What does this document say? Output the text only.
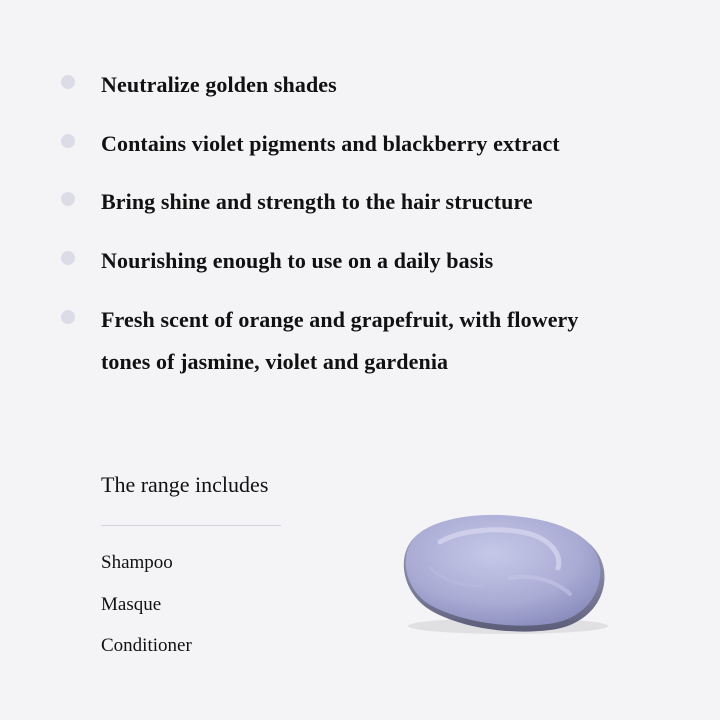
Neutralize golden shades
Contains violet pigments and blackberry extract
Bring shine and strength to the hair structure
Nourishing enough to use on a daily basis
Fresh scent of orange and grapefruit, with flowery tones of jasmine, violet and gardenia
The range includes
Shampoo
Masque
Conditioner
